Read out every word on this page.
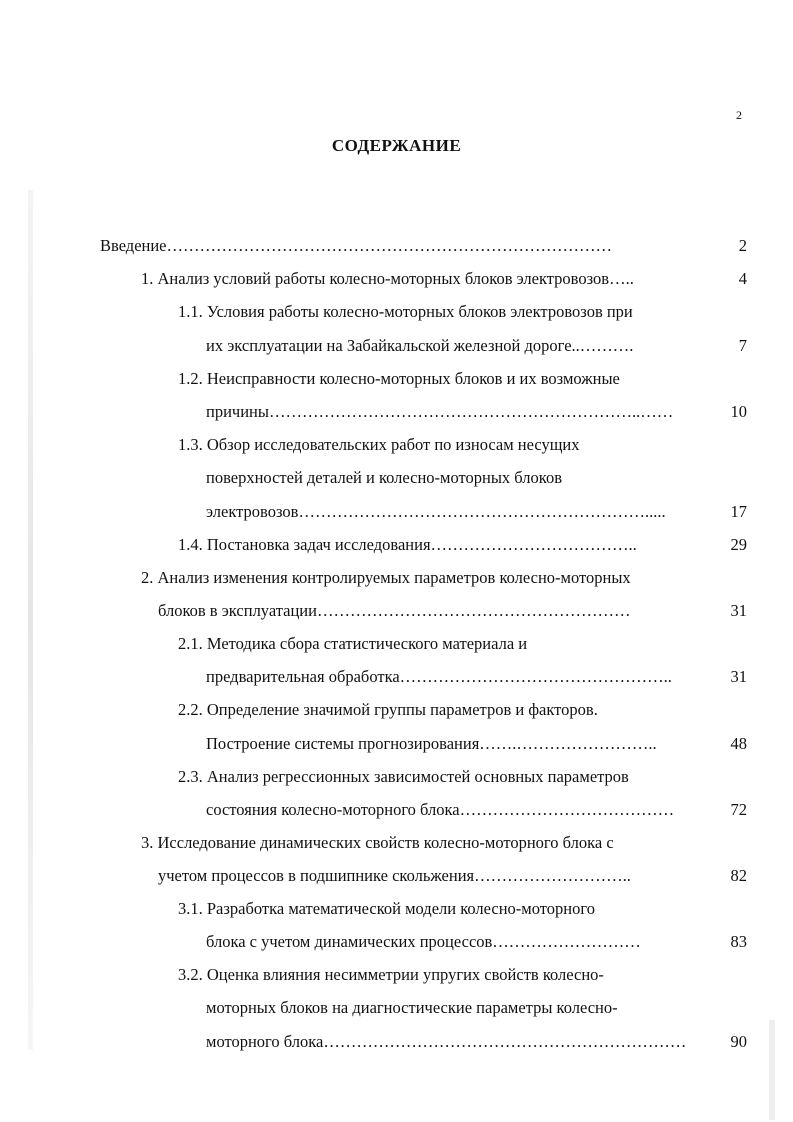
2
СОДЕРЖАНИЕ
Введение………………………………………………………………………	2
1. Анализ условий работы колесно-моторных блоков электровозов…..	4
1.1. Условия работы колесно-моторных блоков электровозов при
их эксплуатации на Забайкальской железной дороге..……….	7
1.2. Неисправности колесно-моторных блоков и их возможные
причины…………………………………………………………..……	10
1.3. Обзор исследовательских работ по износам несущих
поверхностей деталей и колесно-моторных блоков
электровозов……………………………………………………….....	17
1.4. Постановка задач исследования………………………………..	29
2. Анализ изменения контролируемых параметров колесно-моторных
блоков в эксплуатации…………………………………………………	31
2.1. Методика сбора статистического материала и
предварительная обработка…………………………………………..	31
2.2. Определение значимой группы параметров и факторов.
Построение системы прогнозирования…….……………………..	48
2.3. Анализ регрессионных зависимостей основных параметров
состояния колесно-моторного блока…………………………………	72
3. Исследование динамических свойств колесно-моторного блока с
учетом процессов в подшипнике скольжения………………………..	82
3.1. Разработка математической модели колесно-моторного
блока с учетом динамических процессов………………………	83
3.2. Оценка влияния несимметрии упругих свойств колесно-
моторных блоков на диагностические параметры колесно-
моторного блока…………………………………………………………	90
